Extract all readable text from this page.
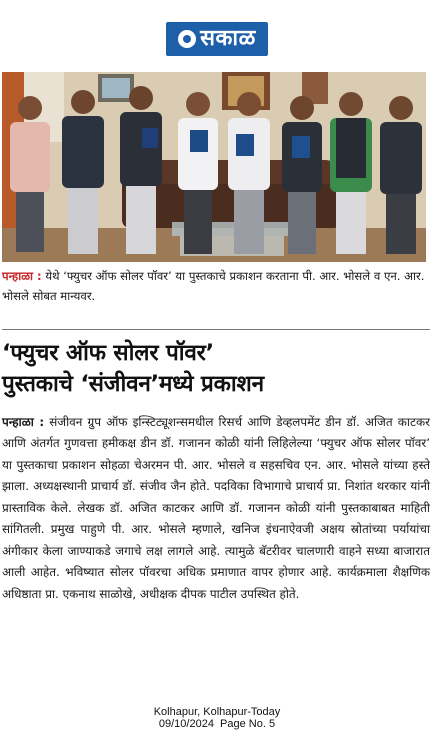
सकाळ
पन्हाळा : येथे ‘फ्युचर ऑफ सोलर पॉवर’ या पुस्तकाचे प्रकाशन करताना पी. आर. भोसले व एन. आर. भोसले सोबत मान्यवर.
‘फ्युचर ऑफ सोलर पॉवर’
पुस्तकाचे ‘संजीवन’मध्ये प्रकाशन
पन्हाळा : संजीवन ग्रुप ऑफ इन्स्टिट्यूशन्समधील रिसर्च आणि डेव्हलपमेंट डीन डॉ. अजित काटकर आणि अंतर्गत गुणवत्ता हमीकक्ष डीन डॉ. गजानन कोळी यांनी लिहिलेल्या ‘फ्युचर ऑफ सोलर पॉवर’ या पुस्तकाचा प्रकाशन सोहळा चेअरमन पी. आर. भोसले व सहसचिव एन. आर. भोसले यांच्या हस्ते झाला. अध्यक्षस्थानी प्राचार्य डॉ. संजीव जैन होते. पदविका विभागाचे प्राचार्य प्रा. निशांत थरकार यांनी प्रास्ताविक केले. लेखक डॉ. अजित काटकर आणि डॉ. गजानन कोळी यांनी पुस्तकाबाबत माहिती सांगितली. प्रमुख पाहुणे पी. आर. भोसले म्हणाले, खनिज इंधनाऐवजी अक्षय स्रोतांच्या पर्यायांचा अंगीकार केला जाण्याकडे जगाचे लक्ष लागले आहे. त्यामुळे बॅटरीवर चालणारी वाहने सध्या बाजारात आली आहेत. भविष्यात सोलर पॉवरचा अधिक प्रमाणात वापर होणार आहे. कार्यक्रमाला शैक्षणिक अधिष्ठाता प्रा. एकनाथ साळोखे, अधीक्षक दीपक पाटील उपस्थित होते.
Kolhapur, Kolhapur-Today
09/10/2024  Page No. 5
